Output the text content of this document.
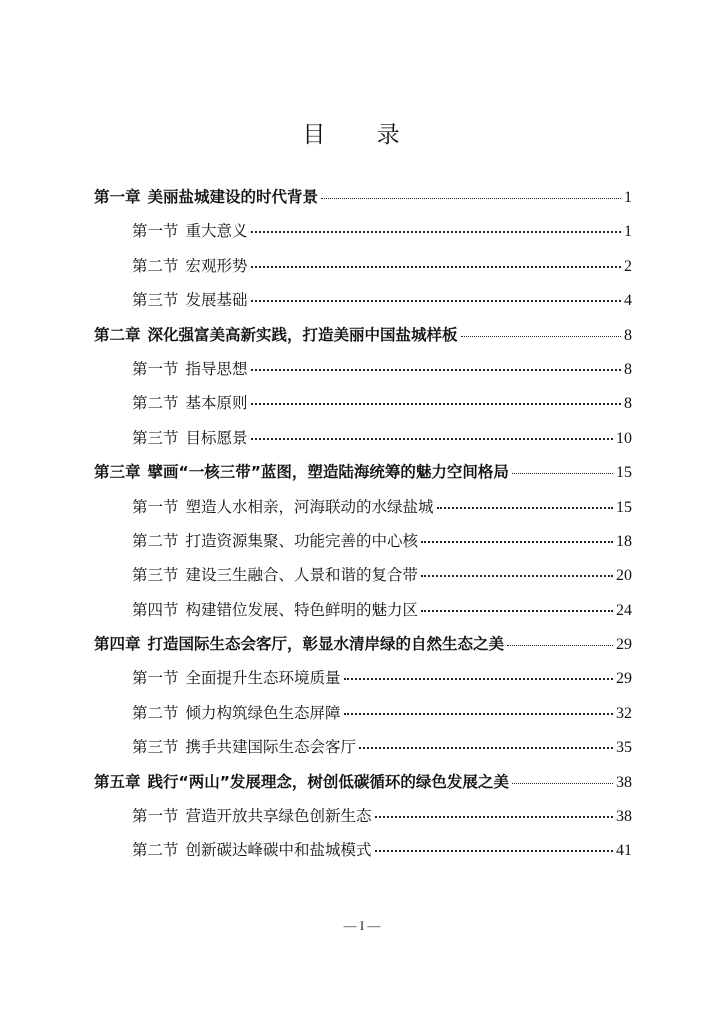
目 录
第一章 美丽盐城建设的时代背景	1
第一节 重大意义	1
第二节 宏观形势	2
第三节 发展基础	4
第二章 深化强富美高新实践，打造美丽中国盐城样板	8
第一节 指导思想	8
第二节 基本原则	8
第三节 目标愿景	10
第三章 擘画“一核三带”蓝图，塑造陆海统筹的魅力空间格局	15
第一节 塑造人水相亲，河海联动的水绿盐城	15
第二节 打造资源集聚、功能完善的中心核	18
第三节 建设三生融合、人景和谐的复合带	20
第四节 构建错位发展、特色鲜明的魅力区	24
第四章 打造国际生态会客厅，彰显水清岸绿的自然生态之美	29
第一节 全面提升生态环境质量	29
第二节 倾力构筑绿色生态屏障	32
第三节 携手共建国际生态会客厅	35
第五章 践行“两山”发展理念，树创低碳循环的绿色发展之美	38
第一节 营造开放共享绿色创新生态	38
第二节 创新碳达峰碳中和盐城模式	41
— I —
